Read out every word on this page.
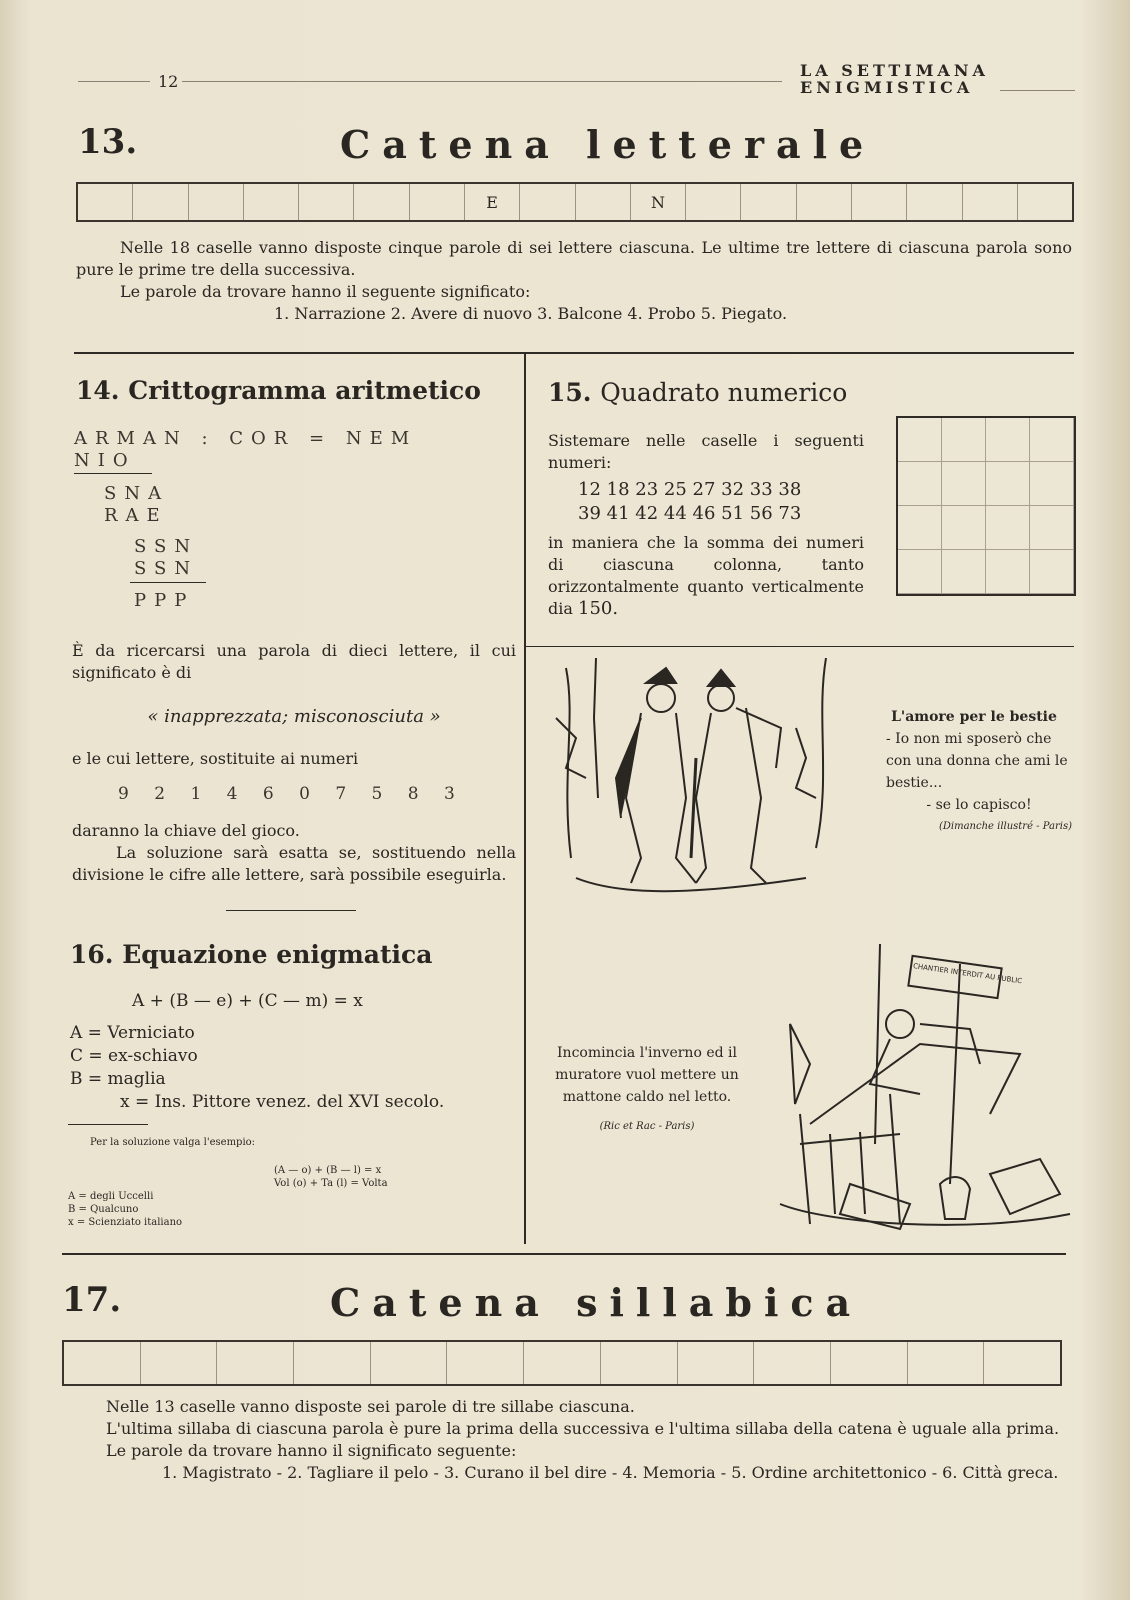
12
LA SETTIMANA
ENIGMISTICA
13.	Catena letterale
E	N

Nelle 18 caselle vanno disposte cinque parole di sei lettere ciascuna. Le ultime tre lettere di ciascuna parola sono pure le prime tre della successiva.

Le parole da trovare hanno il seguente significato:

1. Narrazione 2. Avere di nuovo 3. Balcone 4. Probo 5. Piegato.

14. Crittogramma aritmetico
ARMAN : COR = NEM
NIO
SNA
RAE
SSN
SSN
PPP
È da ricercarsi una parola di dieci lettere, il cui significato è di
« inapprezzata; misconosciuta »
e le cui lettere, sostituite ai numeri
9 2 1 4 6 0 7 5 8 3
daranno la chiave del gioco.
La soluzione sarà esatta se, sostituendo nella divisione le cifre alle lettere, sarà possibile eseguirla.
15. Quadrato numerico
Sistemare nelle caselle i seguenti numeri:
12 18 23 25 27 32 33 38
39 41 42 44 46 51 56 73
in maniera che la somma dei numeri di ciascuna colonna, tanto orizzontalmente quanto verticalmente dia 150.
L'amore per le bestie
- Io non mi sposerò che con una donna che ami le bestie...
- se lo capisco!
(Dimanche illustré - Paris)
16. Equazione enigmatica
A + (B — e) + (C — m) = x
A = Verniciato
C = ex-schiavo
B = maglia
x = Ins. Pittore venez. del XVI secolo.
Per la soluzione valga l'esempio:
(A — o) + (B — l) = x
Vol (o) + Ta (l) = Volta
A = degli Uccelli
B = Qualcuno
x = Scienziato italiano
Incomincia l'inverno ed il muratore vuol mettere un mattone caldo nel letto.
(Ric et Rac - Paris)
CHANTIER INTERDIT AU PUBLIC
17.	Catena sillabica

Nelle 13 caselle vanno disposte sei parole di tre sillabe ciascuna.

L'ultima sillaba di ciascuna parola è pure la prima della successiva e l'ultima sillaba della catena è uguale alla prima.

Le parole da trovare hanno il significato seguente:

1. Magistrato - 2. Tagliare il pelo - 3. Curano il bel dire - 4. Memoria - 5. Ordine architettonico - 6. Città greca.
